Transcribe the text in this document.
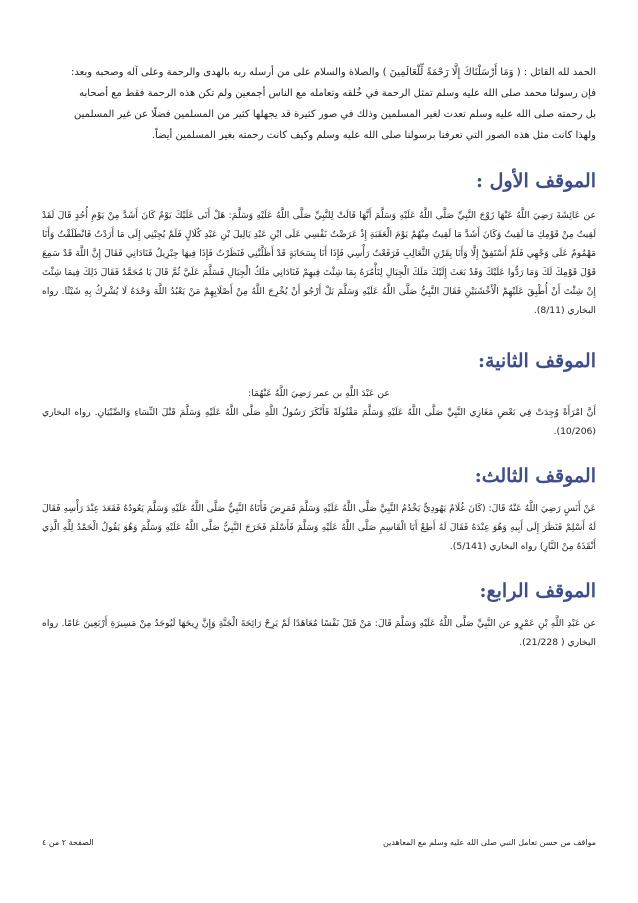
الحمد لله القائل : ( وَمَا أَرْسَلْنَاكَ إِلَّا رَحْمَةً لِّلْعَالَمِينَ ) والصلاة والسلام على من أرسله ربه بالهدى والرحمة وعلى آله وصحبه وبعد:

فإن رسولنا محمد صلى الله عليه وسلم تمثل الرحمة في خُلقه وتعامله مع الناس أجمعين ولم تكن هذه الرحمة فقط مع أصحابه

بل رحمته صلى الله عليه وسلم تعدت لغير المسلمين وذلك في صور كثيرة قد يجهلها كثير من المسلمين فضلًا عن غير المسلمين

ولهذا كانت مثل هذه الصور التي تعرفنا برسولنا صلى الله عليه وسلم وكيف كانت رحمته بغير المسلمين أيضاً.

الموقف الأول :

عن عَائِشَةَ رَضِيَ اللَّهُ عَنْهَا زَوْجَ النَّبِيِّ صَلَّى اللَّهُ عَلَيْهِ وَسَلَّمَ أَنَّهَا قَالَتْ لِلنَّبِيِّ صَلَّى اللَّهُ عَلَيْهِ وَسَلَّمَ: هَلْ أَتَى عَلَيْكَ يَوْمٌ كَانَ أَشَدَّ مِنْ يَوْمِ أُحُدٍ قَالَ لَقَدْ لَقِيتُ مِنْ قَوْمِكِ مَا لَقِيتُ وَكَانَ أَشَدَّ مَا لَقِيتُ مِنْهُمْ يَوْمَ الْعَقَبَةِ إِذْ عَرَضْتُ نَفْسِي عَلَى ابْنِ عَبْدِ يَالِيلَ بْنِ عَبْدِ كُلَالٍ فَلَمْ يُجِبْنِي إِلَى مَا أَرَدْتُ فَانْطَلَقْتُ وَأَنَا مَهْمُومٌ عَلَى وَجْهِي فَلَمْ أَسْتَفِقْ إِلَّا وَأَنَا بِقَرْنِ الثَّعَالِبِ فَرَفَعْتُ رَأْسِي فَإِذَا أَنَا بِسَحَابَةٍ قَدْ أَظَلَّتْنِي فَنَظَرْتُ فَإِذَا فِيهَا جِبْرِيلُ فَنَادَانِي فَقَالَ إِنَّ اللَّهَ قَدْ سَمِعَ قَوْلَ قَوْمِكَ لَكَ وَمَا رَدُّوا عَلَيْكَ وَقَدْ بَعَثَ إِلَيْكَ مَلَكَ الْجِبَالِ لِتَأْمُرَهُ بِمَا شِئْتَ فِيهِمْ فَنَادَانِي مَلَكُ الْجِبَالِ فَسَلَّمَ عَلَيَّ ثُمَّ قَالَ يَا مُحَمَّدُ فَقَالَ ذَلِكَ فِيمَا شِئْتَ إِنْ شِئْتَ أَنْ أُطْبِقَ عَلَيْهِمْ الْأَخْشَبَيْنِ فَقَالَ النَّبِيُّ صَلَّى اللَّهُ عَلَيْهِ وَسَلَّمَ بَلْ أَرْجُو أَنْ يُخْرِجَ اللَّهُ مِنْ أَصْلَابِهِمْ مَنْ يَعْبُدُ اللَّهَ وَحْدَهُ لَا يُشْرِكُ بِهِ شَيْئًا. رواه البخاري (8/11).

الموقف الثانية:

عن عَبْدَ اللَّهِ بن عمر رَضِيَ اللَّهُ عَنْهُمَا:

أَنَّ امْرَأَةً وُجِدَتْ فِي بَعْضِ مَغَازِي النَّبِيِّ صَلَّى اللَّهُ عَلَيْهِ وَسَلَّمَ مَقْتُولَةً فَأَنْكَرَ رَسُولُ اللَّهِ صَلَّى اللَّهُ عَلَيْهِ وَسَلَّمَ قَتْلَ النِّسَاءِ وَالصِّبْيَانِ. رواه البخاري (10/206).

الموقف الثالث:

عَنْ أَنَسٍ رَضِيَ اللَّهُ عَنْهُ قَالَ: (كَانَ غُلَامٌ يَهُودِيٌّ يَخْدُمُ النَّبِيَّ صَلَّى اللَّهُ عَلَيْهِ وَسَلَّمَ فَمَرِضَ فَأَتَاهُ النَّبِيُّ صَلَّى اللَّهُ عَلَيْهِ وَسَلَّمَ يَعُودُهُ فَقَعَدَ عِنْدَ رَأْسِهِ فَقَالَ لَهُ أَسْلِمْ فَنَظَرَ إِلَى أَبِيهِ وَهُوَ عِنْدَهُ فَقَالَ لَهُ أَطِعْ أَبَا الْقَاسِمِ صَلَّى اللَّهُ عَلَيْهِ وَسَلَّمَ فَأَسْلَمَ فَخَرَجَ النَّبِيُّ صَلَّى اللَّهُ عَلَيْهِ وَسَلَّمَ وَهُوَ يَقُولُ الْحَمْدُ لِلَّهِ الَّذِي أَنْقَذَهُ مِنْ النَّارِ) رواه البخاري (5/141).

الموقف الرابع:

عن عَبْدِ اللَّهِ بْنِ عَمْرٍو عن النَّبِيِّ صَلَّى اللَّهُ عَلَيْهِ وَسَلَّمَ قَالَ: مَنْ قَتَلَ نَفْسًا مُعَاهَدًا لَمْ يَرِحْ رَائِحَةَ الْجَنَّةِ وَإِنَّ رِيحَهَا لَيُوجَدُ مِنْ مَسِيرَةِ أَرْبَعِينَ عَامًا. رواه البخاري ( 21/228).

مواقف من حسن تعامل النبي صلى الله عليه وسلم مع المعاهدين
الصفحة ٢ من ٤
